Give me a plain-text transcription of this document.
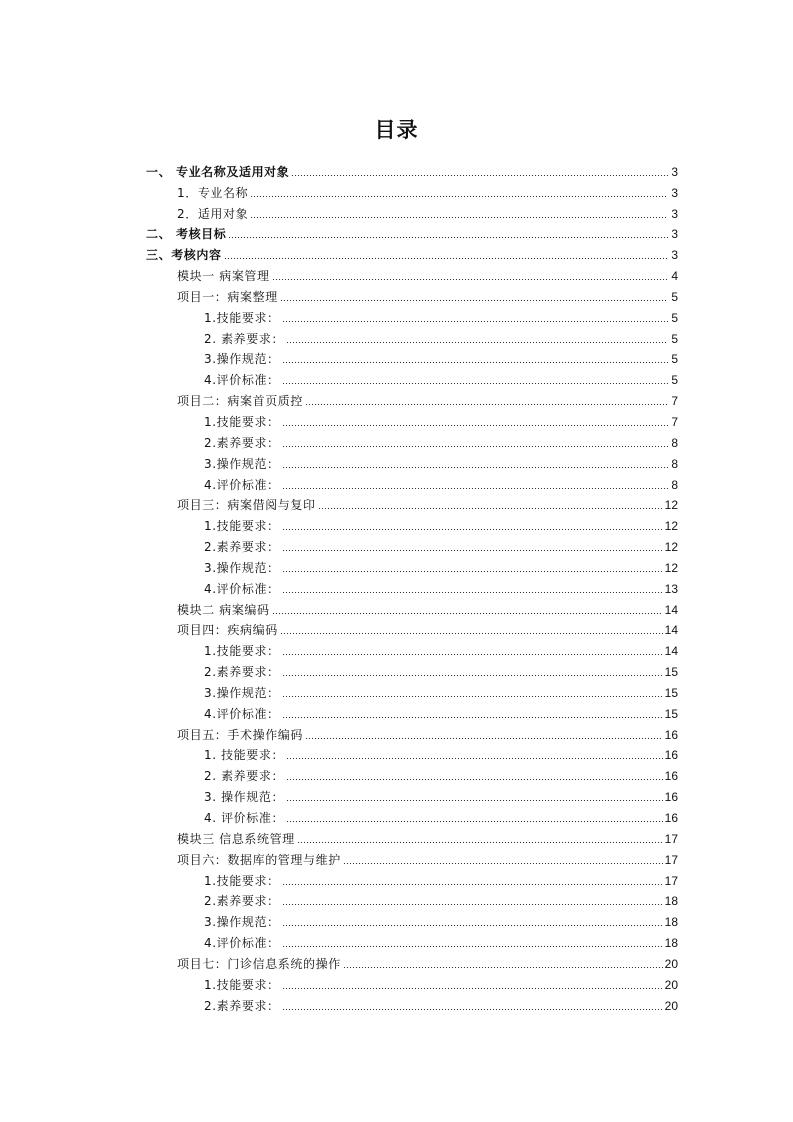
目录
一、 专业名称及适用对象	3
1．专业名称	3
2．适用对象	3
二、 考核目标	3
三、考核内容	3
模块一 病案管理	4
项目一：病案整理	5
1.技能要求：	5
2. 素养要求：	5
3.操作规范：	5
4.评价标准：	5
项目二：病案首页质控	7
1.技能要求：	7
2.素养要求：	8
3.操作规范：	8
4.评价标准：	8
项目三：病案借阅与复印	12
1.技能要求：	12
2.素养要求：	12
3.操作规范：	12
4.评价标准：	13
模块二 病案编码	14
项目四：疾病编码	14
1.技能要求：	14
2.素养要求：	15
3.操作规范：	15
4.评价标准：	15
项目五：手术操作编码	16
1. 技能要求：	16
2. 素养要求：	16
3. 操作规范：	16
4. 评价标准：	16
模块三 信息系统管理	17
项目六：数据库的管理与维护	17
1.技能要求：	17
2.素养要求：	18
3.操作规范：	18
4.评价标准：	18
项目七：门诊信息系统的操作	20
1.技能要求：	20
2.素养要求：	20
